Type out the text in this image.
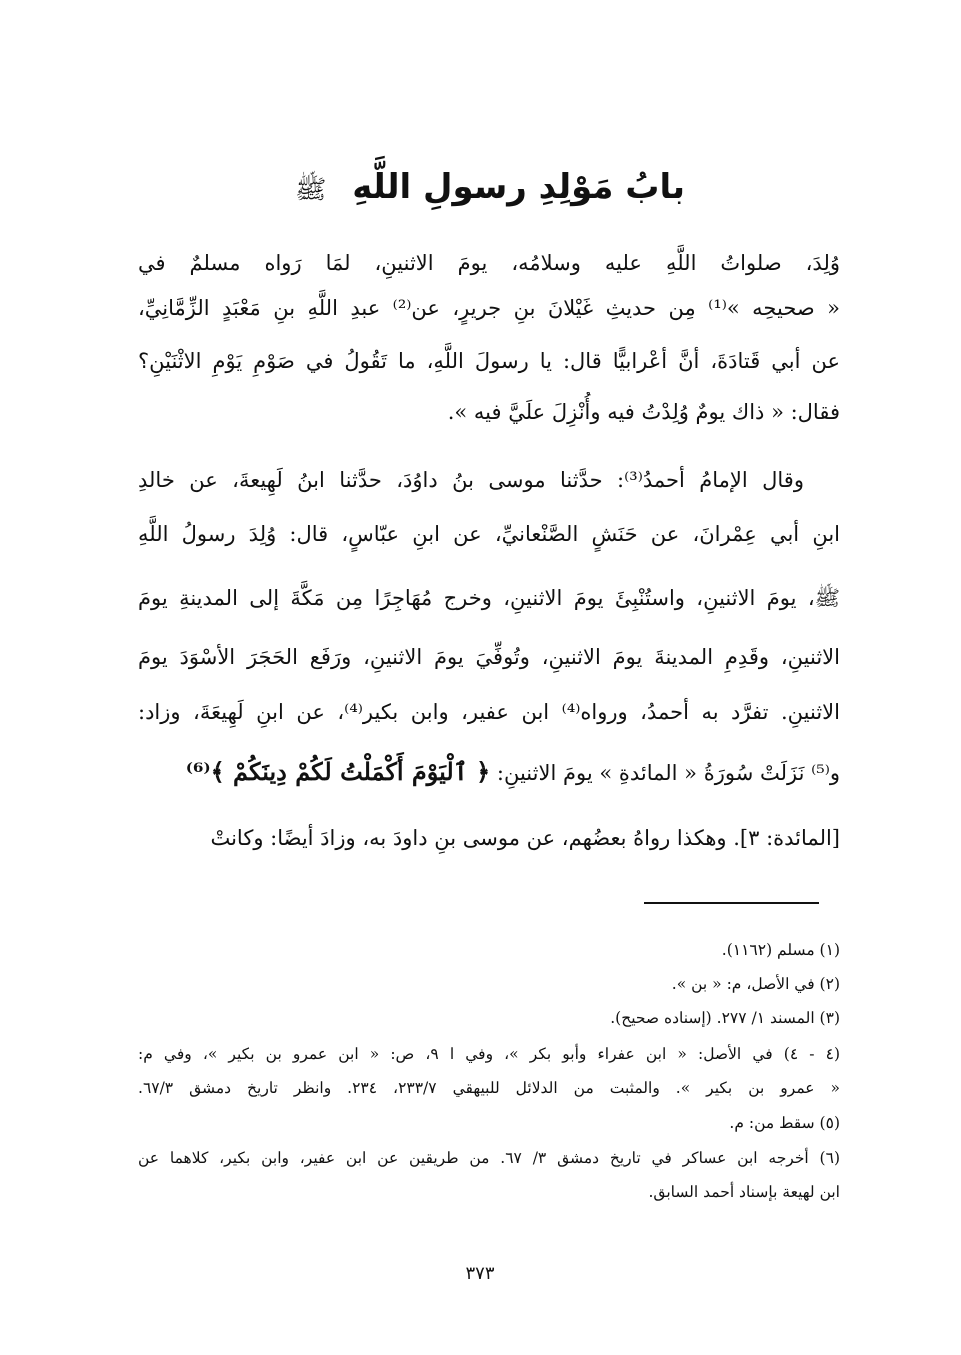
بابُ مَوْلِدِ رسولِ اللَّهِ ﷺ
وُلِدَ، صلواتُ اللَّهِ عليه وسلامُه، يومَ الاثنينِ، لمَا رَواه مسلمٌ في
« صحيحِه »⁽¹⁾ مِن حديثِ غَيْلانَ بنِ جريرٍ، عن⁽²⁾ عبدِ اللَّهِ بنِ مَعْبَدٍ الزِّمَّانِيِّ،
عن أبي قَتادَةَ، أنَّ أعْرابيًّا قال: يا رسولَ اللَّهِ، ما تَقُولُ في صَوْمِ يَوْمِ الاثْنَيْنِ؟
فقال: « ذاك يومٌ وُلِدْتُ فيه وأُنْزِلَ علَيَّ فيه ».
وقال الإمامُ أحمدُ⁽³⁾: حدَّثنا موسى بنُ داوُدَ، حدَّثنا ابنُ لَهِيعةَ، عن خالدِ
ابنِ أبي عِمْرانَ، عن حَنَشٍ الصَّنْعانيِّ، عن ابنِ عبّاسٍ، قال: وُلِدَ رسولُ اللَّهِ
ﷺ، يومَ الاثنينِ، واستُنْبِئَ يومَ الاثنينِ، وخرج مُهَاجِرًا مِن مَكَّةَ إلى المدينةِ يومَ
الاثنينِ، وقَدِمِ المدينةَ يومَ الاثنينِ، وتُوفِّيَ يومَ الاثنينِ، ورَفَع الحَجَرَ الأسْوَدَ يومَ
الاثنينِ. تفرَّد به أحمدُ، ورواه⁽⁴⁾ ابن عفير، وابن بكير⁽⁴⁾، عن ابنِ لَهِيعَةَ، وزاد:
و⁽⁵⁾ نَزَلَتْ سُورَةُ « المائدةِ » يومَ الاثنينِ: ﴿ ٱلْيَوْمَ أَكْمَلْتُ لَكُمْ دِينَكُمْ ﴾⁽⁶⁾
[المائدة: ٣]. وهكذا رواهُ بعضُهم، عن موسى بنِ داودَ به، وزادَ أيضًا: وكانتْ
(١) مسلم (١١٦٢).
(٢) في الأصل، م: « بن ».
(٣) المسند ١/ ٢٧٧. (إسناده صحيح).
(٤ - ٤) في الأصل: « ابن عفراء وأبو بكر »، وفي ا ٩، ص: « ابن عمرو بن بكير »، وفي م:
« عمرو بن بكير ». والمثبت من الدلائل للبيهقي ٢٣٣/٧، ٢٣٤. وانظر تاريخ دمشق ٦٧/٣.
(٥) سقط من: م.
(٦) أخرجه ابن عساكر في تاريخ دمشق ٣/ ٦٧. من طريقين عن ابن عفير، وابن بكير، كلاهما عن
ابن لهيعة بإسناد أحمد السابق.
٣٧٣
